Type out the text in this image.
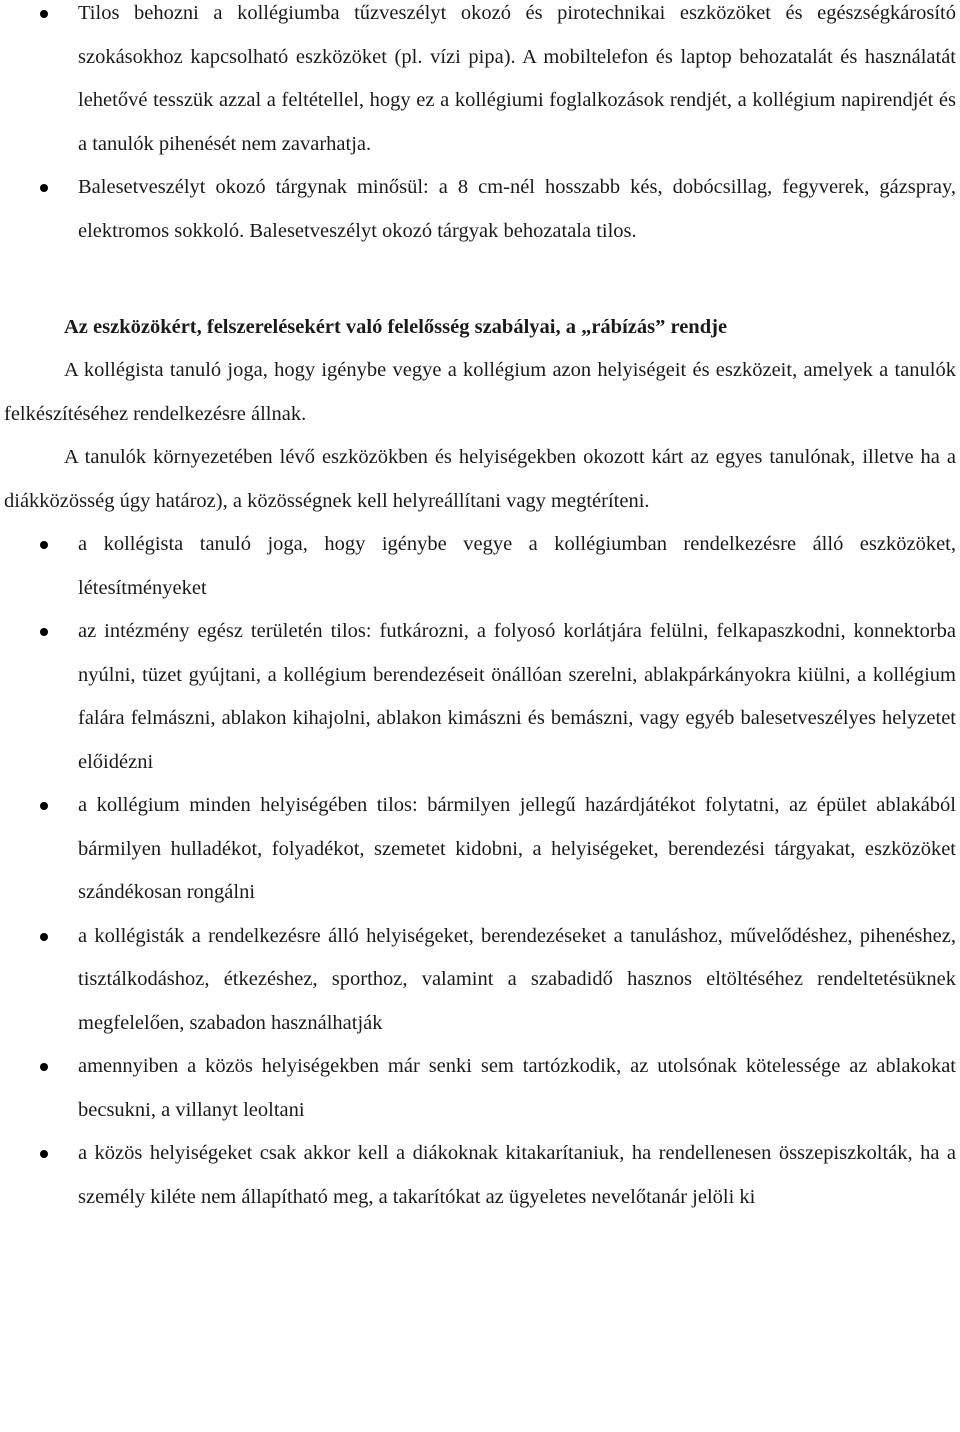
Tilos behozni a kollégiumba tűzveszélyt okozó és pirotechnikai eszközöket és egészségkárosító szokásokhoz kapcsolható eszközöket (pl. vízi pipa). A mobiltelefon és laptop behozatalát és használatát lehetővé tesszük azzal a feltétellel, hogy ez a kollégiumi foglalkozások rendjét, a kollégium napirendjét és a tanulók pihenését nem zavarhatja.
Balesetveszélyt okozó tárgynak minősül: a 8 cm-nél hosszabb kés, dobócsillag, fegyverek, gázspray, elektromos sokkoló. Balesetveszélyt okozó tárgyak behozatala tilos.
Az eszközökért, felszerelésekért való felelősség szabályai, a „rábízás” rendje

A kollégista tanuló joga, hogy igénybe vegye a kollégium azon helyiségeit és eszközeit, amelyek a tanulók felkészítéséhez rendelkezésre állnak.

A tanulók környezetében lévő eszközökben és helyiségekben okozott kárt az egyes tanulónak, illetve ha a diákközösség úgy határoz), a közösségnek kell helyreállítani vagy megtéríteni.

a kollégista tanuló joga, hogy igénybe vegye a kollégiumban rendelkezésre álló eszközöket, létesítményeket
az intézmény egész területén tilos: futkározni, a folyosó korlátjára felülni, felkapaszkodni, konnektorba nyúlni, tüzet gyújtani, a kollégium berendezéseit önállóan szerelni, ablakpárkányokra kiülni, a kollégium falára felmászni, ablakon kihajolni, ablakon kimászni és bemászni, vagy egyéb balesetveszélyes helyzetet előidézni
a kollégium minden helyiségében tilos: bármilyen jellegű hazárdjátékot folytatni, az épület ablakából bármilyen hulladékot, folyadékot, szemetet kidobni, a helyiségeket, berendezési tárgyakat, eszközöket szándékosan rongálni
a kollégisták a rendelkezésre álló helyiségeket, berendezéseket a tanuláshoz, művelődéshez, pihenéshez, tisztálkodáshoz, étkezéshez, sporthoz, valamint a szabadidő hasznos eltöltéséhez rendeltetésüknek megfelelően, szabadon használhatják
amennyiben a közös helyiségekben már senki sem tartózkodik, az utolsónak kötelessége az ablakokat becsukni, a villanyt leoltani
a közös helyiségeket csak akkor kell a diákoknak kitakarítaniuk, ha rendellenesen összepiszkolták, ha a személy kiléte nem állapítható meg, a takarítókat az ügyeletes nevelőtanár jelöli ki
